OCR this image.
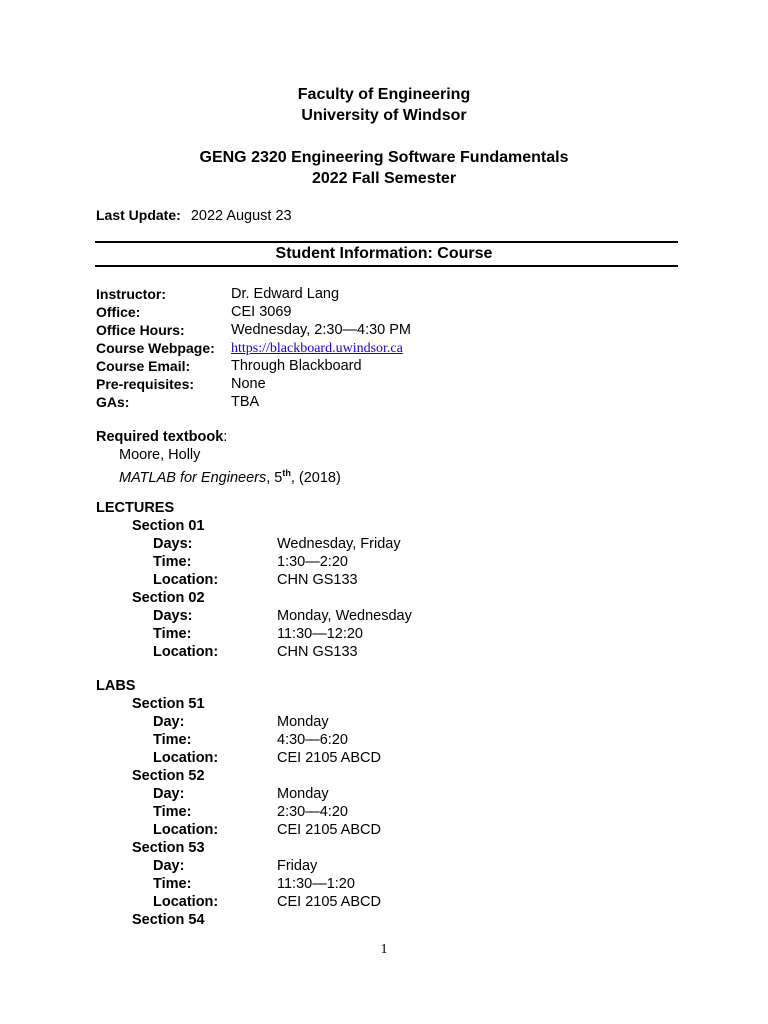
Faculty of Engineering
University of Windsor
GENG 2320 Engineering Software Fundamentals
2022 Fall Semester
Last Update: 2022 August 23
Student Information: Course
Instructor:	Dr. Edward Lang
Office:	CEI 3069
Office Hours:	Wednesday, 2:30—4:30 PM
Course Webpage: https://blackboard.uwindsor.ca
Course Email:	Through Blackboard
Pre-requisites:	None
GAs:	TBA
Required textbook:
Moore, Holly
MATLAB for Engineers, 5th, (2018)
LECTURES
Section 01
Days:	Wednesday, Friday
Time:	1:30—2:20
Location:	CHN GS133
Section 02
Days:	Monday, Wednesday
Time:	11:30—12:20
Location:	CHN GS133
LABS
Section 51
Day:	Monday
Time:	4:30—6:20
Location:	CEI 2105 ABCD
Section 52
Day:	Monday
Time:	2:30—4:20
Location:	CEI 2105 ABCD
Section 53
Day:	Friday
Time:	11:30—1:20
Location:	CEI 2105 ABCD
Section 54
1
